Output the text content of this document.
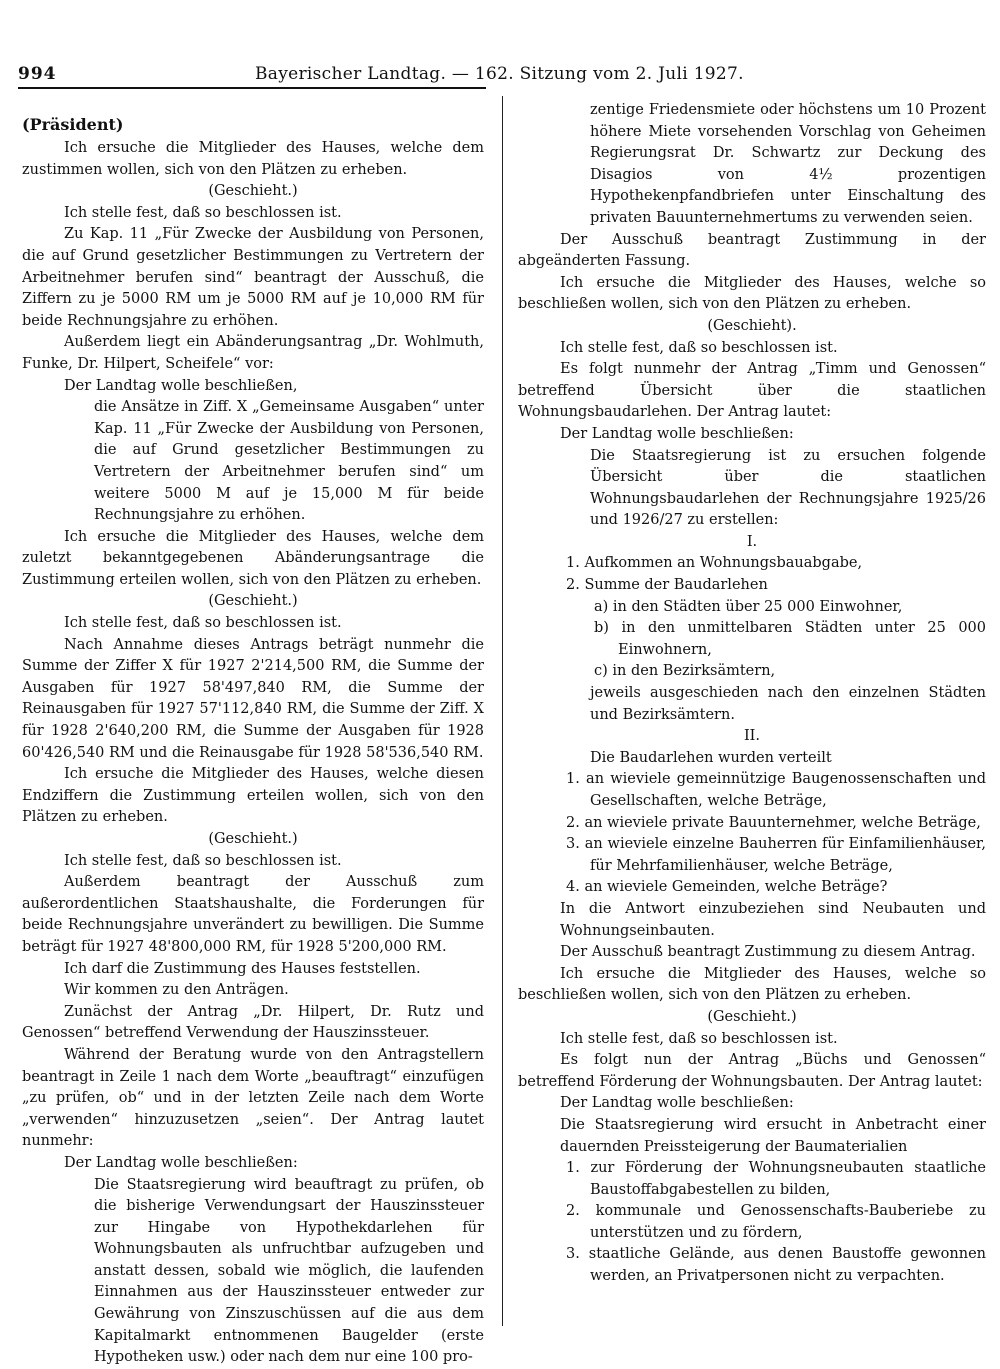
994	Bayerischer Landtag. — 162. Sitzung vom 2. Juli 1927.

(Präsident)

Ich ersuche die Mitglieder des Hauses, welche dem zustimmen wollen, sich von den Plätzen zu erheben.

(Geschieht.)

Ich stelle fest, daß so beschlossen ist.

Zu Kap. 11 „Für Zwecke der Ausbildung von Personen, die auf Grund gesetzlicher Bestimmungen zu Vertretern der Arbeitnehmer berufen sind“ beantragt der Ausschuß, die Ziffern zu je 5000 RM um je 5000 RM auf je 10,000 RM für beide Rechnungsjahre zu erhöhen.

Außerdem liegt ein Abänderungsantrag „Dr. Wohlmuth, Funke, Dr. Hilpert, Scheifele“ vor:

Der Landtag wolle beschließen,

die Ansätze in Ziff. X „Gemeinsame Ausgaben“ unter Kap. 11 „Für Zwecke der Ausbildung von Personen, die auf Grund gesetzlicher Bestimmungen zu Vertretern der Arbeitnehmer berufen sind“ um weitere 5000 M auf je 15,000 M für beide Rechnungsjahre zu erhöhen.

Ich ersuche die Mitglieder des Hauses, welche dem zuletzt bekanntgegebenen Abänderungsantrage die Zustimmung erteilen wollen, sich von den Plätzen zu erheben.

(Geschieht.)

Ich stelle fest, daß so beschlossen ist.

Nach Annahme dieses Antrags beträgt nunmehr die Summe der Ziffer X für 1927 2'214,500 RM, die Summe der Ausgaben für 1927 58'497,840 RM, die Summe der Reinausgaben für 1927 57'112,840 RM, die Summe der Ziff. X für 1928 2'640,200 RM, die Summe der Ausgaben für 1928 60'426,540 RM und die Reinausgabe für 1928 58'536,540 RM.

Ich ersuche die Mitglieder des Hauses, welche diesen Endziffern die Zustimmung erteilen wollen, sich von den Plätzen zu erheben.

(Geschieht.)

Ich stelle fest, daß so beschlossen ist.

Außerdem beantragt der Ausschuß zum außerordentlichen Staatshaushalte, die Forderungen für beide Rechnungsjahre unverändert zu bewilligen. Die Summe beträgt für 1927 48'800,000 RM, für 1928 5'200,000 RM.

Ich darf die Zustimmung des Hauses feststellen.

Wir kommen zu den Anträgen.

Zunächst der Antrag „Dr. Hilpert, Dr. Rutz und Genossen“ betreffend Verwendung der Hauszinssteuer.

Während der Beratung wurde von den Antragstellern beantragt in Zeile 1 nach dem Worte „beauftragt“ einzufügen „zu prüfen, ob“ und in der letzten Zeile nach dem Worte „verwenden“ hinzuzusetzen „seien“. Der Antrag lautet nunmehr:

Der Landtag wolle beschließen:

Die Staatsregierung wird beauftragt zu prüfen, ob die bisherige Verwendungsart der Hauszinssteuer zur Hingabe von Hypothekdarlehen für Wohnungsbauten als unfruchtbar aufzugeben und anstatt dessen, sobald wie möglich, die laufenden Einnahmen aus der Hauszinssteuer entweder zur Gewährung von Zinszuschüssen auf die aus dem Kapitalmarkt entnommenen Baugelder (erste Hypotheken usw.) oder nach dem nur eine 100 pro-

zentige Friedensmiete oder höchstens um 10 Prozent höhere Miete vorsehenden Vorschlag von Geheimen Regierungsrat Dr. Schwartz zur Deckung des Disagios von 4½ prozentigen Hypothekenpfandbriefen unter Einschaltung des privaten Bauunternehmertums zu verwenden seien.

Der Ausschuß beantragt Zustimmung in der abgeänderten Fassung.

Ich ersuche die Mitglieder des Hauses, welche so beschließen wollen, sich von den Plätzen zu erheben.

(Geschieht).

Ich stelle fest, daß so beschlossen ist.

Es folgt nunmehr der Antrag „Timm und Genossen“ betreffend Übersicht über die staatlichen Wohnungsbaudarlehen. Der Antrag lautet:

Der Landtag wolle beschließen:

Die Staatsregierung ist zu ersuchen folgende Übersicht über die staatlichen Wohnungsbaudarlehen der Rechnungsjahre 1925/26 und 1926/27 zu erstellen:

I.

1. Aufkommen an Wohnungsbauabgabe,

2. Summe der Baudarlehen

a) in den Städten über 25 000 Einwohner,

b) in den unmittelbaren Städten unter 25 000 Einwohnern,

c) in den Bezirksämtern,

jeweils ausgeschieden nach den einzelnen Städten und Bezirksämtern.

II.

Die Baudarlehen wurden verteilt

1. an wieviele gemeinnützige Baugenossenschaften und Gesellschaften, welche Beträge,

2. an wieviele private Bauunternehmer, welche Beträge,

3. an wieviele einzelne Bauherren für Einfamilienhäuser, für Mehrfamilienhäuser, welche Beträge,

4. an wieviele Gemeinden, welche Beträge?

In die Antwort einzubeziehen sind Neubauten und Wohnungseinbauten.

Der Ausschuß beantragt Zustimmung zu diesem Antrag.

Ich ersuche die Mitglieder des Hauses, welche so beschließen wollen, sich von den Plätzen zu erheben.

(Geschieht.)

Ich stelle fest, daß so beschlossen ist.

Es folgt nun der Antrag „Büchs und Genossen“ betreffend Förderung der Wohnungsbauten. Der Antrag lautet:

Der Landtag wolle beschließen:

Die Staatsregierung wird ersucht in Anbetracht einer dauernden Preissteigerung der Baumaterialien

1. zur Förderung der Wohnungsneubauten staatliche Baustoffabgabestellen zu bilden,

2. kommunale und Genossenschafts-Bauberiebe zu unterstützen und zu fördern,

3. staatliche Gelände, aus denen Baustoffe gewonnen werden, an Privatpersonen nicht zu verpachten.
